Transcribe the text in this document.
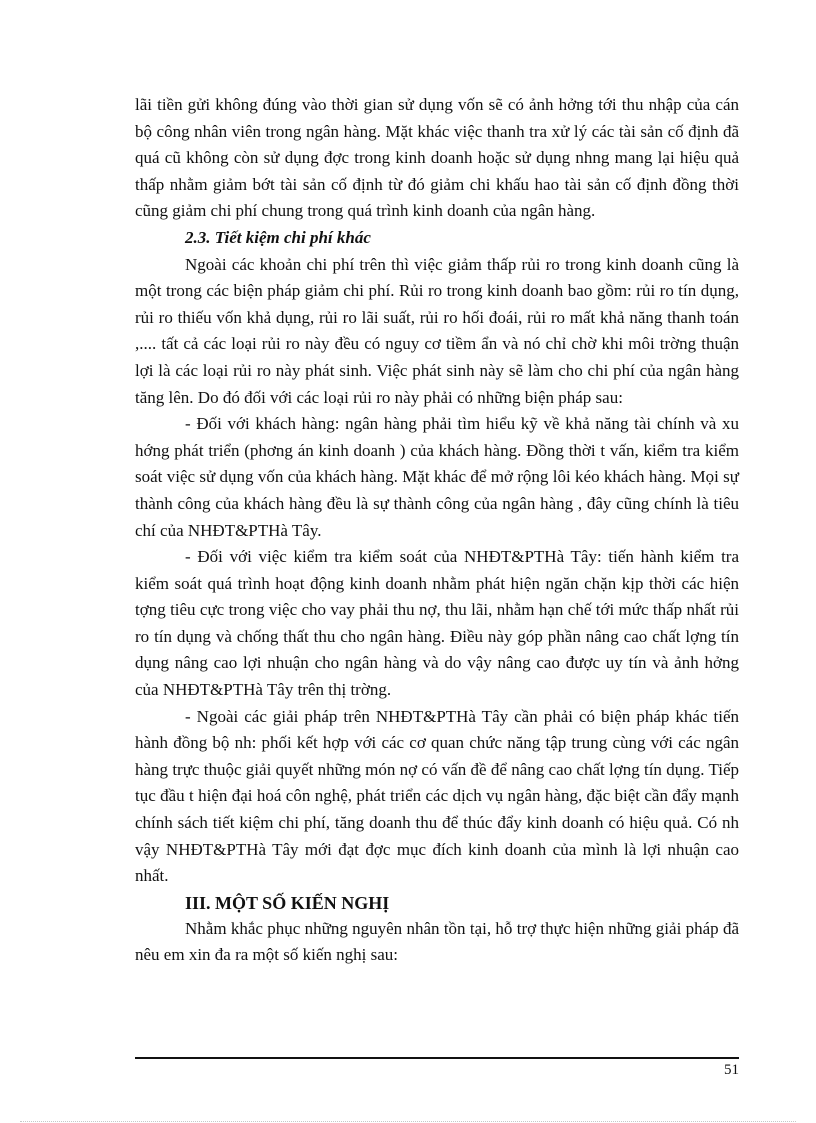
lãi tiền gửi không đúng vào thời gian sử dụng vốn sẽ có ảnh hởng tới thu nhập của cán bộ công nhân viên trong ngân hàng. Mặt khác việc thanh tra xử lý các tài sản cố định đã quá cũ không còn sử dụng đợc trong kinh doanh hoặc sử dụng nhng mang lại hiệu quả thấp nhằm giảm bớt tài sản cố định từ đó giảm chi khấu hao tài sản cố định đồng thời cũng giảm chi phí chung trong quá trình kinh doanh của ngân hàng.

2.3. Tiết kiệm chi phí khác

Ngoài các khoản chi phí trên thì việc giảm thấp rủi ro trong kinh doanh cũng là một trong các biện pháp giảm chi phí. Rủi ro trong kinh doanh bao gồm: rủi ro tín dụng, rủi ro thiếu vốn khả dụng, rủi ro lãi suất, rủi ro hối đoái, rủi ro mất khả năng thanh toán ,.... tất cả các loại rủi ro này đều có nguy cơ tiềm ẩn và nó chỉ chờ khi môi trờng thuận lợi là các loại rủi ro này phát sinh. Việc phát sinh này sẽ làm cho chi phí của ngân hàng tăng lên. Do đó đối với các loại rủi ro này phải có những biện pháp sau:

- Đối với khách hàng: ngân hàng phải tìm hiểu kỹ về khả năng tài chính và xu hớng phát triển (phơng án kinh doanh ) của khách hàng. Đồng thời t vấn, kiểm tra kiểm soát việc sử dụng vốn của khách hàng. Mặt khác để mở rộng lôi kéo khách hàng. Mọi sự thành công của khách hàng đều là sự thành công của ngân hàng , đây cũng chính là tiêu chí của NHĐT&PTHà Tây.

- Đối với việc kiểm tra kiểm soát của NHĐT&PTHà Tây: tiến hành kiểm tra kiểm soát quá trình hoạt động kinh doanh nhằm phát hiện ngăn chặn kịp thời các hiện tợng tiêu cực trong việc cho vay phải thu nợ, thu lãi, nhằm hạn chế tới mức thấp nhất rủi ro tín dụng và chống thất thu cho ngân hàng. Điều này góp phần nâng cao chất lợng tín dụng nâng cao lợi nhuận cho ngân hàng và do vậy nâng cao được uy tín và ảnh hởng của NHĐT&PTHà Tây trên thị trờng.

- Ngoài các giải pháp trên NHĐT&PTHà Tây cần phải có biện pháp khác tiến hành đồng bộ nh: phối kết hợp với các cơ quan chức năng tập trung cùng với các ngân hàng trực thuộc giải quyết những món nợ có vấn đề để nâng cao chất lợng tín dụng. Tiếp tục đầu t hiện đại hoá côn nghệ, phát triển các dịch vụ ngân hàng, đặc biệt cần đẩy mạnh chính sách tiết kiệm chi phí, tăng doanh thu để thúc đẩy kinh doanh có hiệu quả. Có nh vậy NHĐT&PTHà Tây mới đạt đợc mục đích kinh doanh của mình là lợi nhuận cao nhất.

III. MỘT SỐ KIẾN NGHỊ

Nhằm khắc phục những nguyên nhân tồn tại, hỗ trợ thực hiện những giải pháp đã nêu em xin đa ra một số kiến nghị sau:

51
